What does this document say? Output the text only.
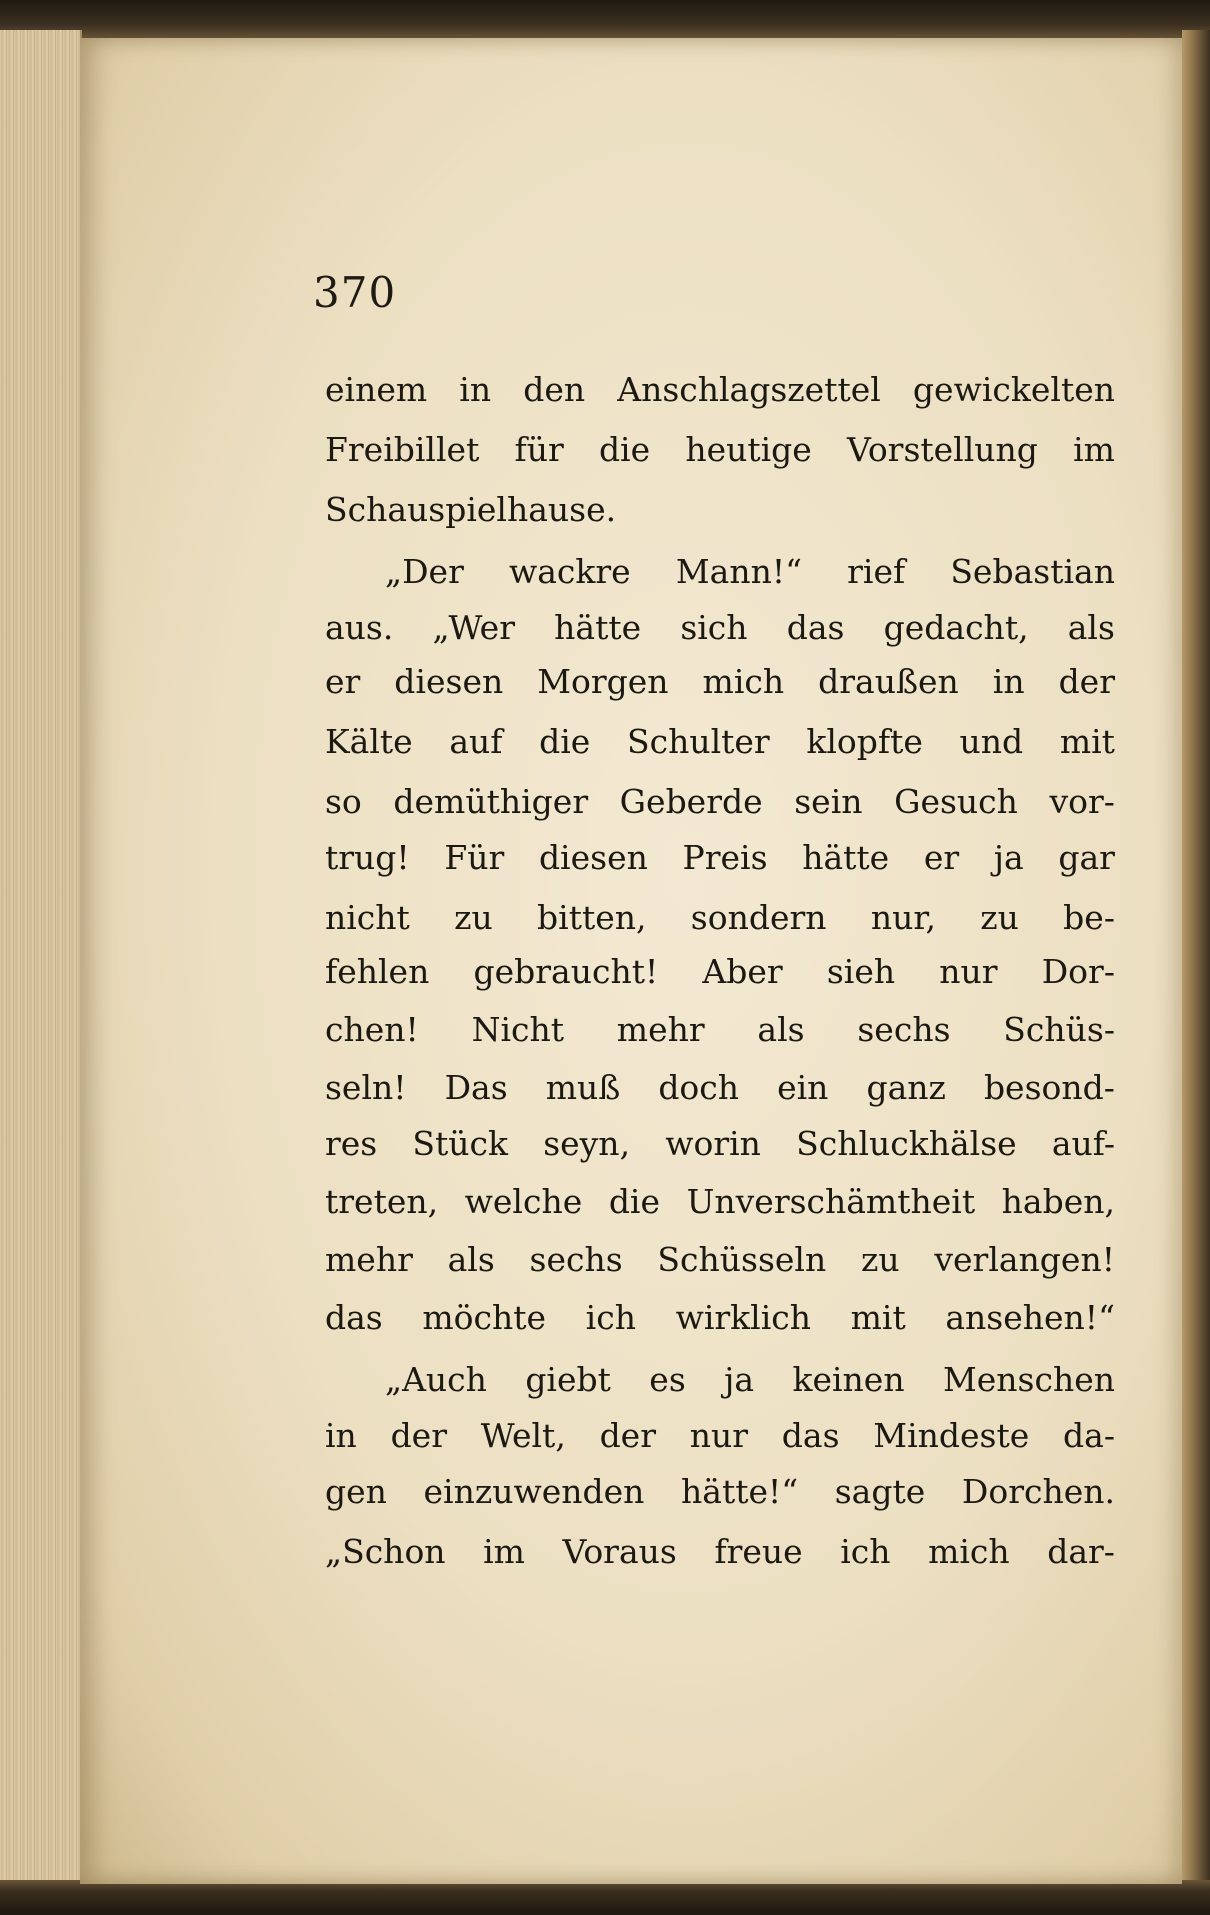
370
einem in den Anschlagszettel gewickelten
Freibillet für die heutige Vorstellung im
Schauspielhause.
„Der wackre Mann!“ rief Sebastian
aus. „Wer hätte sich das gedacht, als
er diesen Morgen mich draußen in der
Kälte auf die Schulter klopfte und mit
so demüthiger Geberde sein Gesuch vor-
trug! Für diesen Preis hätte er ja gar
nicht zu bitten, sondern nur, zu be-
fehlen gebraucht! Aber sieh nur Dor-
chen! Nicht mehr als sechs Schüs-
seln! Das muß doch ein ganz besond-
res Stück seyn, worin Schluckhälse auf-
treten, welche die Unverschämtheit haben,
mehr als sechs Schüsseln zu verlangen!
das möchte ich wirklich mit ansehen!“
„Auch giebt es ja keinen Menschen
in der Welt, der nur das Mindeste da-
gen einzuwenden hätte!“ sagte Dorchen.
„Schon im Voraus freue ich mich dar-
